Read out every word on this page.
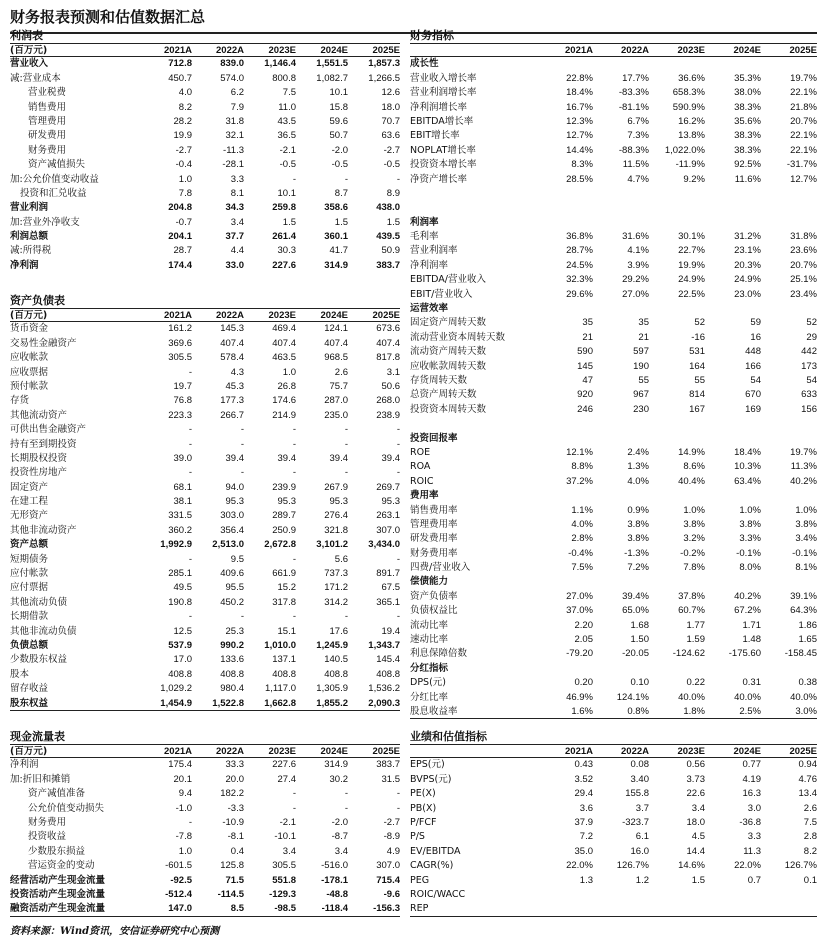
财务报表预测和估值数据汇总
利润表
(百万元)	2021A	2022A	2023E	2024E	2025E
营业收入	712.8	839.0	1,146.4	1,551.5	1,857.3
减:营业成本	450.7	574.0	800.8	1,082.7	1,266.5
营业税费	4.0	6.2	7.5	10.1	12.6
销售费用	8.2	7.9	11.0	15.8	18.0
管理费用	28.2	31.8	43.5	59.6	70.7
研发费用	19.9	32.1	36.5	50.7	63.6
财务费用	-2.7	-11.3	-2.1	-2.0	-2.7
资产减值损失	-0.4	-28.1	-0.5	-0.5	-0.5
加:公允价值变动收益	1.0	3.3	-	-	-
投资和汇兑收益	7.8	8.1	10.1	8.7	8.9
营业利润	204.8	34.3	259.8	358.6	438.0
加:营业外净收支	-0.7	3.4	1.5	1.5	1.5
利润总额	204.1	37.7	261.4	360.1	439.5
减:所得税	28.7	4.4	30.3	41.7	50.9
净利润	174.4	33.0	227.6	314.9	383.7
资产负债表
(百万元)	2021A	2022A	2023E	2024E	2025E
货币资金	161.2	145.3	469.4	124.1	673.6
交易性金融资产	369.6	407.4	407.4	407.4	407.4
应收帐款	305.5	578.4	463.5	968.5	817.8
应收票据	-	4.3	1.0	2.6	3.1
预付帐款	19.7	45.3	26.8	75.7	50.6
存货	76.8	177.3	174.6	287.0	268.0
其他流动资产	223.3	266.7	214.9	235.0	238.9
可供出售金融资产	-	-	-	-	-
持有至到期投资	-	-	-	-	-
长期股权投资	39.0	39.4	39.4	39.4	39.4
投资性房地产	-	-	-	-	-
固定资产	68.1	94.0	239.9	267.9	269.7
在建工程	38.1	95.3	95.3	95.3	95.3
无形资产	331.5	303.0	289.7	276.4	263.1
其他非流动资产	360.2	356.4	250.9	321.8	307.0
资产总额	1,992.9	2,513.0	2,672.8	3,101.2	3,434.0
短期债务	-	9.5	-	5.6	-
应付帐款	285.1	409.6	661.9	737.3	891.7
应付票据	49.5	95.5	15.2	171.2	67.5
其他流动负债	190.8	450.2	317.8	314.2	365.1
长期借款	-	-	-	-	-
其他非流动负债	12.5	25.3	15.1	17.6	19.4
负债总额	537.9	990.2	1,010.0	1,245.9	1,343.7
少数股东权益	17.0	133.6	137.1	140.5	145.4
股本	408.8	408.8	408.8	408.8	408.8
留存收益	1,029.2	980.4	1,117.0	1,305.9	1,536.2
股东权益	1,454.9	1,522.8	1,662.8	1,855.2	2,090.3
现金流量表
(百万元)	2021A	2022A	2023E	2024E	2025E
净利润	175.4	33.3	227.6	314.9	383.7
加:折旧和摊销	20.1	20.0	27.4	30.2	31.5
资产减值准备	9.4	182.2	-	-	-
公允价值变动损失	-1.0	-3.3	-	-	-
财务费用	-	-10.9	-2.1	-2.0	-2.7
投资收益	-7.8	-8.1	-10.1	-8.7	-8.9
少数股东损益	1.0	0.4	3.4	3.4	4.9
营运资金的变动	-601.5	125.8	305.5	-516.0	307.0
经营活动产生现金流量	-92.5	71.5	551.8	-178.1	715.4
投资活动产生现金流量	-512.4	-114.5	-129.3	-48.8	-9.6
融资活动产生现金流量	147.0	8.5	-98.5	-118.4	-156.3
财务指标
2021A	2022A	2023E	2024E	2025E
成长性
营业收入增长率	22.8%	17.7%	36.6%	35.3%	19.7%
营业利润增长率	18.4%	-83.3%	658.3%	38.0%	22.1%
净利润增长率	16.7%	-81.1%	590.9%	38.3%	21.8%
EBITDA增长率	12.3%	6.7%	16.2%	35.6%	20.7%
EBIT增长率	12.7%	7.3%	13.8%	38.3%	22.1%
NOPLAT增长率	14.4%	-88.3%	1,022.0%	38.3%	22.1%
投资资本增长率	8.3%	11.5%	-11.9%	92.5%	-31.7%
净资产增长率	28.5%	4.7%	9.2%	11.6%	12.7%
利润率
毛利率	36.8%	31.6%	30.1%	31.2%	31.8%
营业利润率	28.7%	4.1%	22.7%	23.1%	23.6%
净利润率	24.5%	3.9%	19.9%	20.3%	20.7%
EBITDA/营业收入	32.3%	29.2%	24.9%	24.9%	25.1%
EBIT/营业收入	29.6%	27.0%	22.5%	23.0%	23.4%
运营效率
固定资产周转天数	35	35	52	59	52
流动营业资本周转天数	21	21	-16	16	29
流动资产周转天数	590	597	531	448	442
应收帐款周转天数	145	190	164	166	173
存货周转天数	47	55	55	54	54
总资产周转天数	920	967	814	670	633
投资资本周转天数	246	230	167	169	156
投资回报率
ROE	12.1%	2.4%	14.9%	18.4%	19.7%
ROA	8.8%	1.3%	8.6%	10.3%	11.3%
ROIC	37.2%	4.0%	40.4%	63.4%	40.2%
费用率
销售费用率	1.1%	0.9%	1.0%	1.0%	1.0%
管理费用率	4.0%	3.8%	3.8%	3.8%	3.8%
研发费用率	2.8%	3.8%	3.2%	3.3%	3.4%
财务费用率	-0.4%	-1.3%	-0.2%	-0.1%	-0.1%
四费/营业收入	7.5%	7.2%	7.8%	8.0%	8.1%
偿债能力
资产负债率	27.0%	39.4%	37.8%	40.2%	39.1%
负债权益比	37.0%	65.0%	60.7%	67.2%	64.3%
流动比率	2.20	1.68	1.77	1.71	1.86
速动比率	2.05	1.50	1.59	1.48	1.65
利息保障倍数	-79.20	-20.05	-124.62	-175.60	-158.45
分红指标
DPS(元)	0.20	0.10	0.22	0.31	0.38
分红比率	46.9%	124.1%	40.0%	40.0%	40.0%
股息收益率	1.6%	0.8%	1.8%	2.5%	3.0%
业绩和估值指标
2021A	2022A	2023E	2024E	2025E
EPS(元)	0.43	0.08	0.56	0.77	0.94
BVPS(元)	3.52	3.40	3.73	4.19	4.76
PE(X)	29.4	155.8	22.6	16.3	13.4
PB(X)	3.6	3.7	3.4	3.0	2.6
P/FCF	37.9	-323.7	18.0	-36.8	7.5
P/S	7.2	6.1	4.5	3.3	2.8
EV/EBITDA	35.0	16.0	14.4	11.3	8.2
CAGR(%)	22.0%	126.7%	14.6%	22.0%	126.7%
PEG	1.3	1.2	1.5	0.7	0.1
ROIC/WACC
REP
资料来源：Wind资讯，安信证券研究中心预测
